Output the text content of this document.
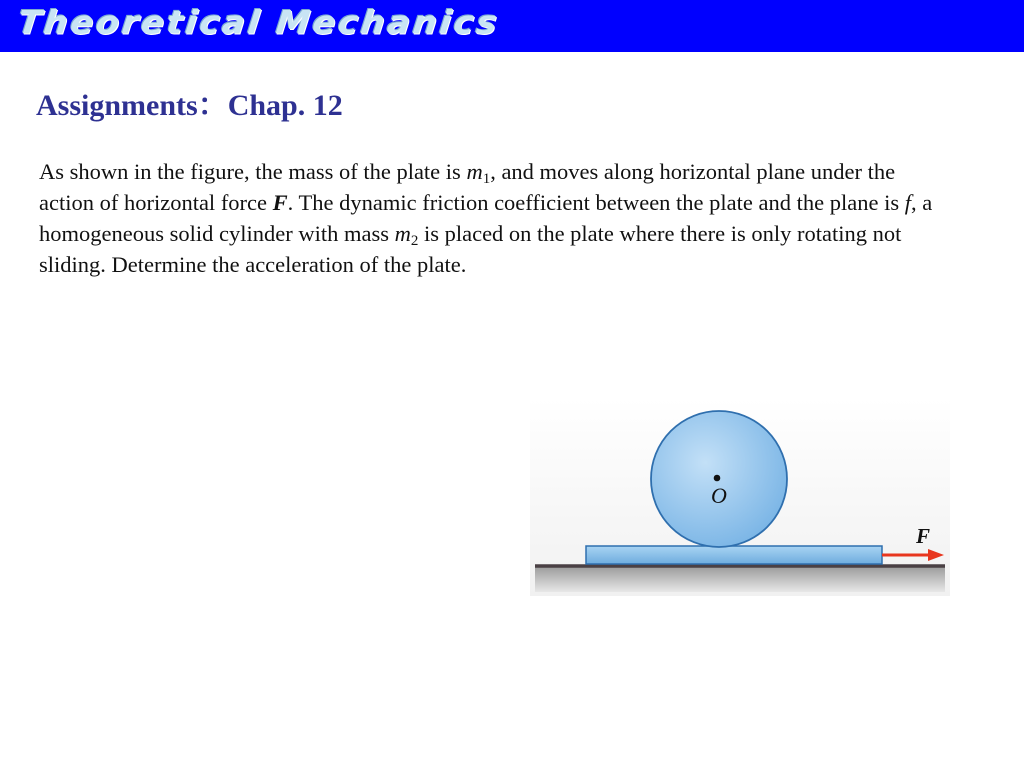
Theoretical Mechanics
Assignments：Chap. 12
As shown in the figure, the mass of the plate is $m_1$, and moves along horizontal plane under the action of horizontal force F. The dynamic friction coefficient between the plate and the plane is f, a homogeneous solid cylinder with mass $m_2$ is placed on the plate where there is only rotating not sliding. Determine the acceleration of the plate.
O
F
